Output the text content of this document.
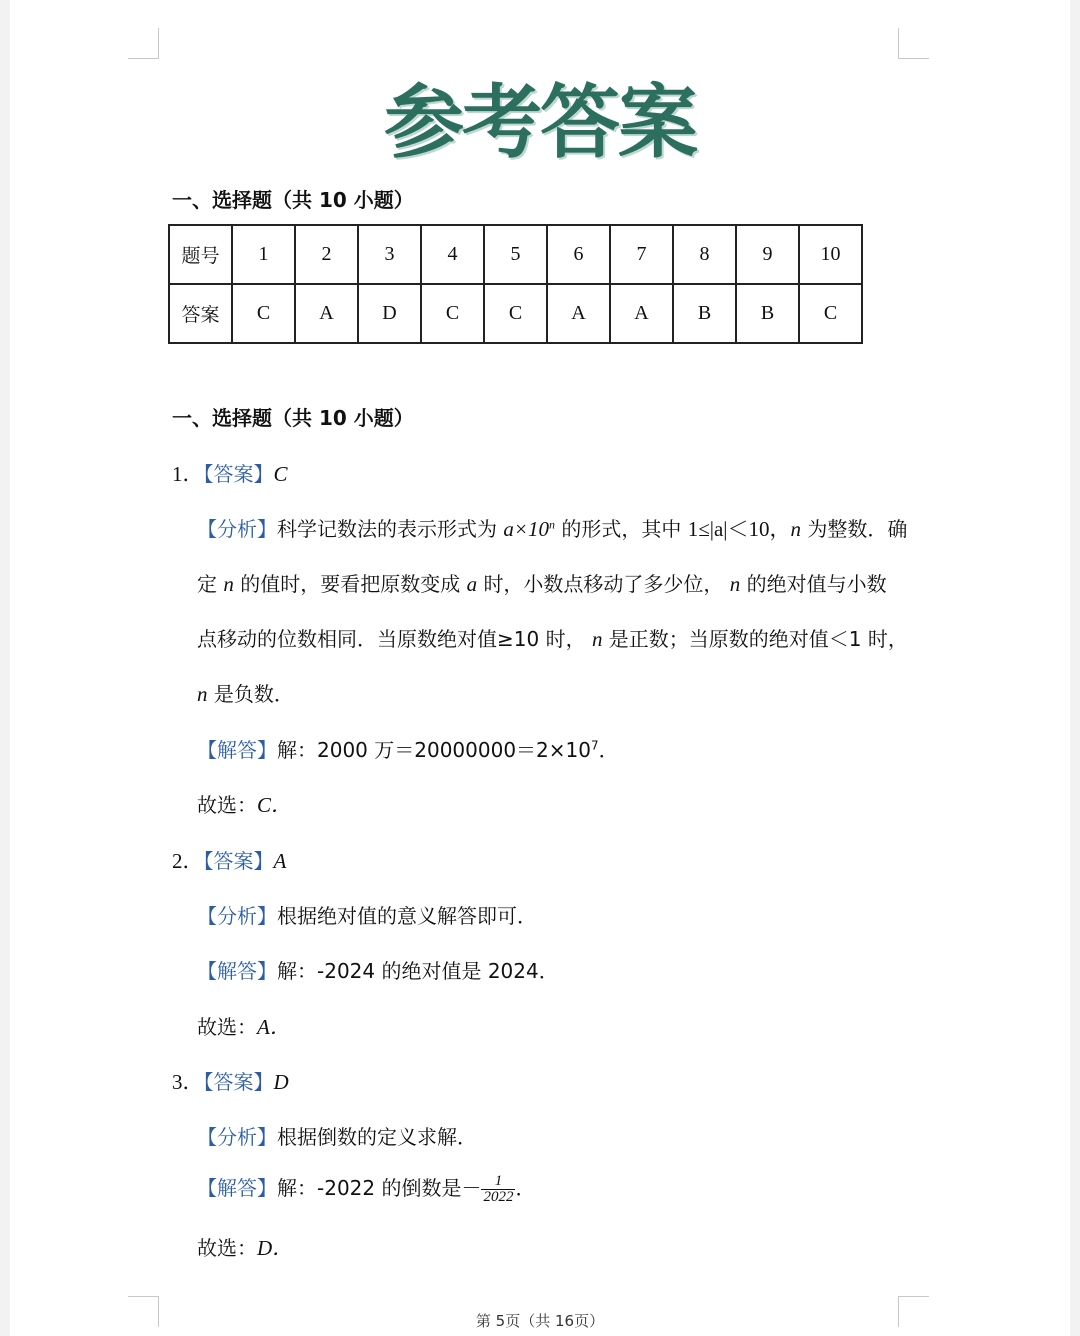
参考答案
一、选择题（共 10 小题）
题号	1	2	3	4	5	6	7	8	9	10
答案	C	A	D	C	C	A	A	B	B	C
一、选择题（共 10 小题）
1．【答案】C
【分析】科学记数法的表示形式为 $a\times 10^n$ 的形式，其中 1≤|a|＜10，n 为整数．确
定 n 的值时，要看把原数变成 a 时，小数点移动了多少位， n 的绝对值与小数
点移动的位数相同．当原数绝对值≥10 时， n 是正数；当原数的绝对值＜1 时，
n 是负数．
【解答】解：2000 万$=20000000=2\times 10^7$．
故选：C．
2．【答案】A
【分析】根据绝对值的意义解答即可．
【解答】解：-2024 的绝对值是 2024．
故选：A．
3．【答案】D
【分析】根据倒数的定义求解．
【解答】解：-2022 的倒数是－ $\frac{1}{2022}$ ．
故选：D．
第 5页（共 16页）
